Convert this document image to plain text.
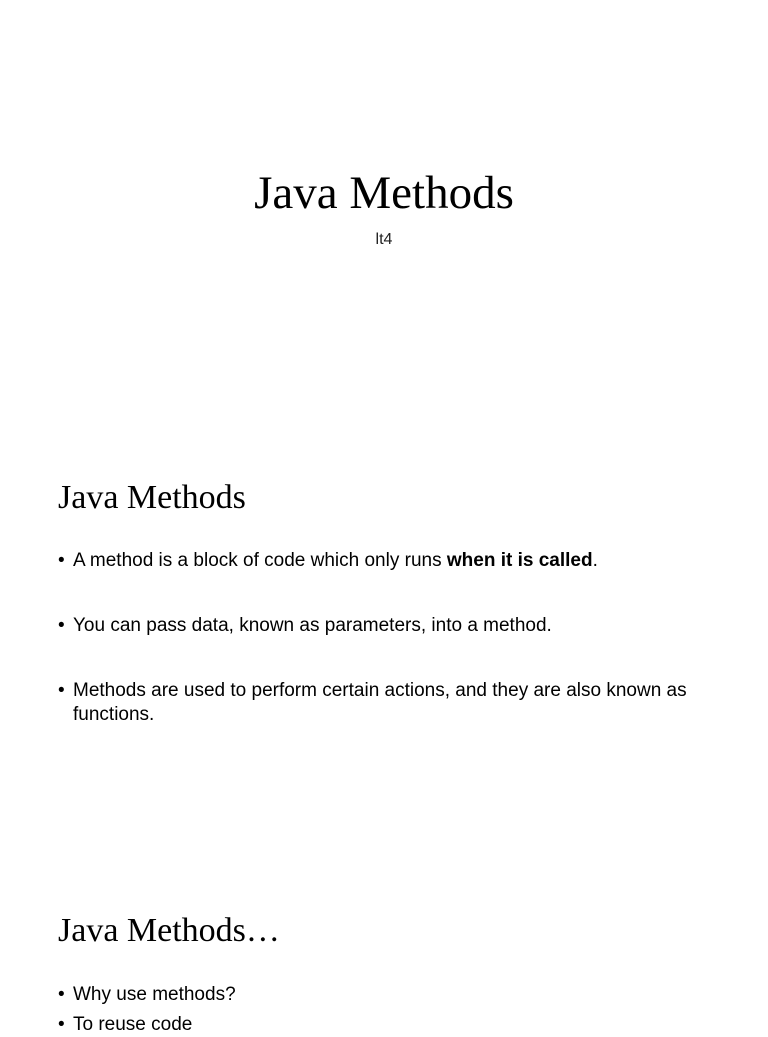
Java Methods
lt4
Java Methods
• A method is a block of code which only runs when it is called.
• You can pass data, known as parameters, into a method.
• Methods are used to perform certain actions, and they are also known as functions.
Java Methods…
• Why use methods?
• To reuse code
